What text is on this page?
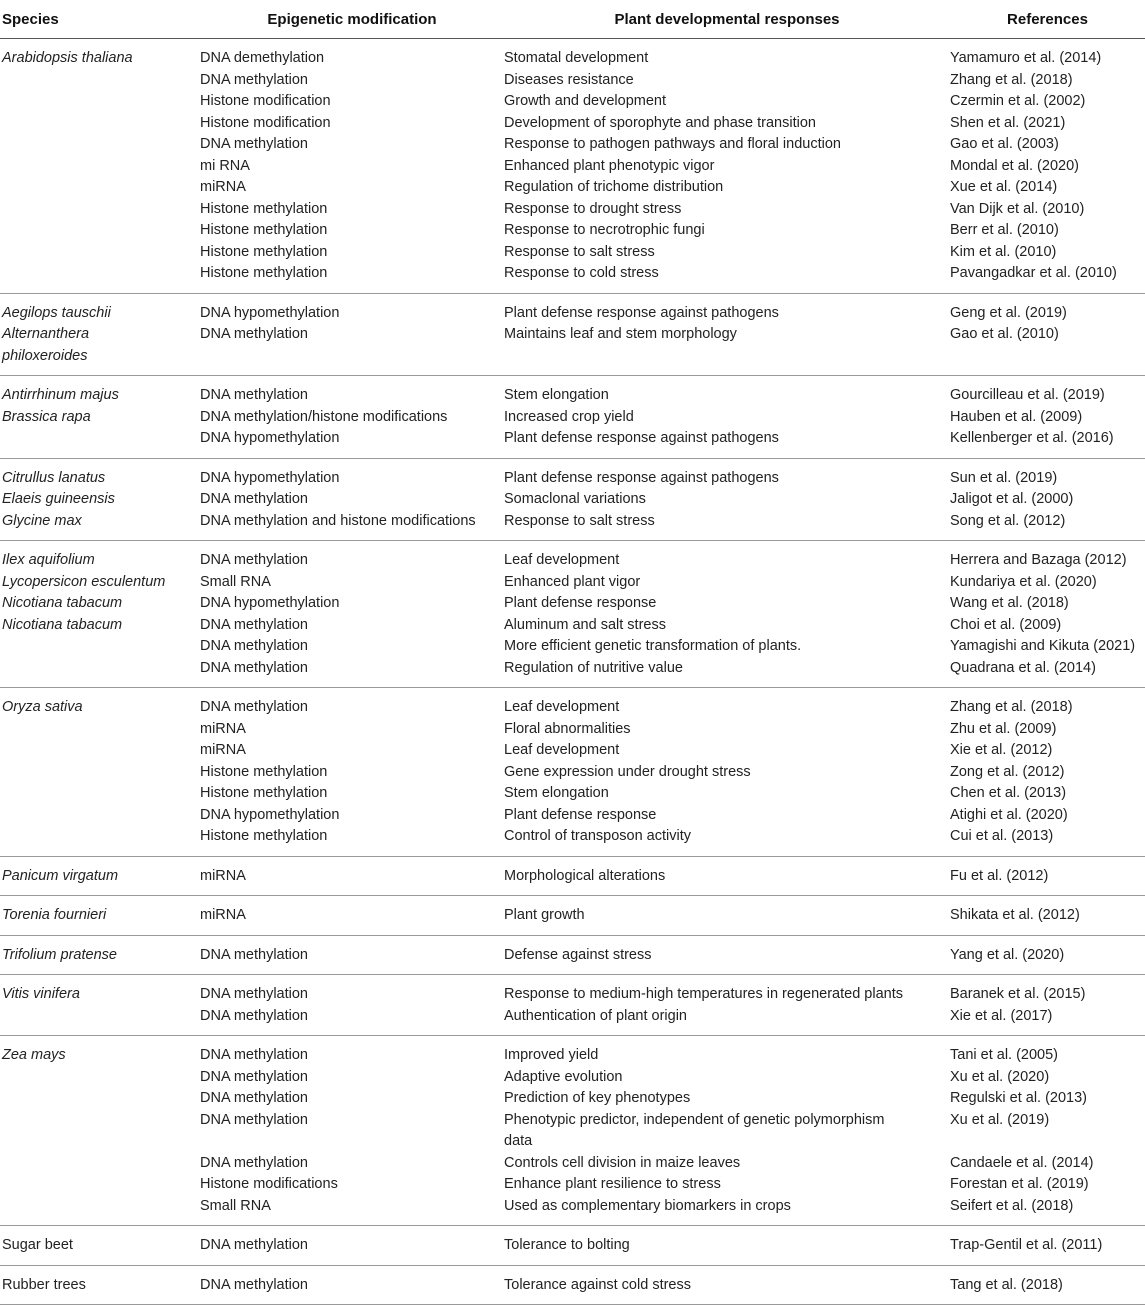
Species	Epigenetic modification	Plant developmental responses	References
Arabidopsis thaliana	DNA demethylation	Stomatal development	Yamamuro et al. (2014)
	DNA methylation	Diseases resistance	Zhang et al. (2018)
	Histone modification	Growth and development	Czermin et al. (2002)
	Histone modification	Development of sporophyte and phase transition	Shen et al. (2021)
	DNA methylation	Response to pathogen pathways and floral induction	Gao et al. (2003)
	mi RNA	Enhanced plant phenotypic vigor	Mondal et al. (2020)
	miRNA	Regulation of trichome distribution	Xue et al. (2014)
	Histone methylation	Response to drought stress	Van Dijk et al. (2010)
	Histone methylation	Response to necrotrophic fungi	Berr et al. (2010)
	Histone methylation	Response to salt stress	Kim et al. (2010)
	Histone methylation	Response to cold stress	Pavangadkar et al. (2010)
Aegilops tauschii	DNA hypomethylation	Plant defense response against pathogens	Geng et al. (2019)
Alternanthera	DNA methylation	Maintains leaf and stem morphology	Gao et al. (2010)
philoxeroides			
Antirrhinum majus	DNA methylation	Stem elongation	Gourcilleau et al. (2019)
Brassica rapa	DNA methylation/histone modifications	Increased crop yield	Hauben et al. (2009)
	DNA hypomethylation	Plant defense response against pathogens	Kellenberger et al. (2016)
Citrullus lanatus	DNA hypomethylation	Plant defense response against pathogens	Sun et al. (2019)
Elaeis guineensis	DNA methylation	Somaclonal variations	Jaligot et al. (2000)
Glycine max	DNA methylation and histone modifications	Response to salt stress	Song et al. (2012)
Ilex aquifolium	DNA methylation	Leaf development	Herrera and Bazaga (2012)
Lycopersicon esculentum	Small RNA	Enhanced plant vigor	Kundariya et al. (2020)
Nicotiana tabacum	DNA hypomethylation	Plant defense response	Wang et al. (2018)
Nicotiana tabacum	DNA methylation	Aluminum and salt stress	Choi et al. (2009)
	DNA methylation	More efficient genetic transformation of plants.	Yamagishi and Kikuta (2021)
	DNA methylation	Regulation of nutritive value	Quadrana et al. (2014)
Oryza sativa	DNA methylation	Leaf development	Zhang et al. (2018)
	miRNA	Floral abnormalities	Zhu et al. (2009)
	miRNA	Leaf development	Xie et al. (2012)
	Histone methylation	Gene expression under drought stress	Zong et al. (2012)
	Histone methylation	Stem elongation	Chen et al. (2013)
	DNA hypomethylation	Plant defense response	Atighi et al. (2020)
	Histone methylation	Control of transposon activity	Cui et al. (2013)
Panicum virgatum	miRNA	Morphological alterations	Fu et al. (2012)
Torenia fournieri	miRNA	Plant growth	Shikata et al. (2012)
Trifolium pratense	DNA methylation	Defense against stress	Yang et al. (2020)
Vitis vinifera	DNA methylation	Response to medium-high temperatures in regenerated plants	Baranek et al. (2015)
	DNA methylation	Authentication of plant origin	Xie et al. (2017)
Zea mays	DNA methylation	Improved yield	Tani et al. (2005)
	DNA methylation	Adaptive evolution	Xu et al. (2020)
	DNA methylation	Prediction of key phenotypes	Regulski et al. (2013)
	DNA methylation	Phenotypic predictor, independent of genetic polymorphism	Xu et al. (2019)
		data	
	DNA methylation	Controls cell division in maize leaves	Candaele et al. (2014)
	Histone modifications	Enhance plant resilience to stress	Forestan et al. (2019)
	Small RNA	Used as complementary biomarkers in crops	Seifert et al. (2018)
Sugar beet	DNA methylation	Tolerance to bolting	Trap-Gentil et al. (2011)
Rubber trees	DNA methylation	Tolerance against cold stress	Tang et al. (2018)
